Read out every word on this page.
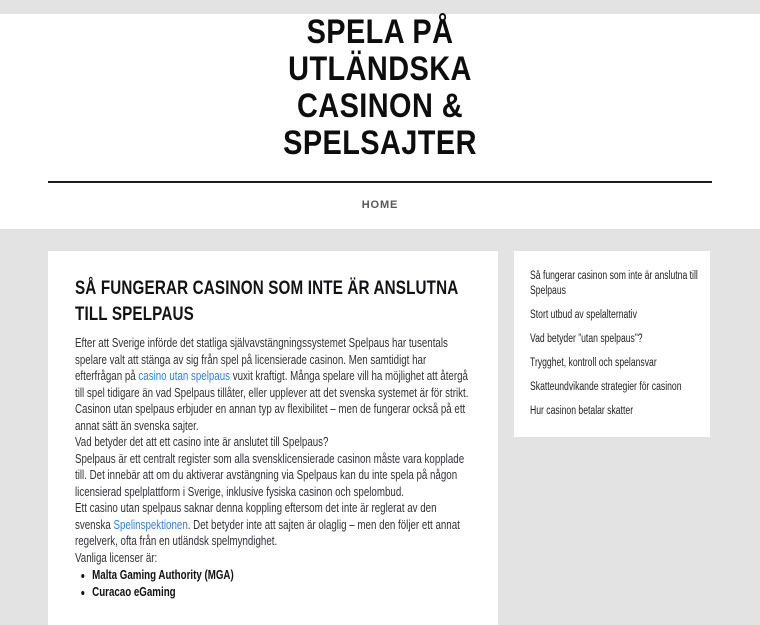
SPELA PÅ
UTLÄNDSKA
CASINON &
SPELSAJTER
HOME
SÅ FUNGERAR CASINON SOM INTE ÄR ANSLUTNA TILL SPELPAUS

Efter att Sverige införde det statliga självavstängningssystemet Spelpaus har tusentals spelare valt att stänga av sig från spel på licensierade casinon. Men samtidigt har efterfrågan på casino utan spelpaus vuxit kraftigt. Många spelare vill ha möjlighet att återgå till spel tidigare än vad Spelpaus tillåter, eller upplever att det svenska systemet är för strikt. Casinon utan spelpaus erbjuder en annan typ av flexibilitet – men de fungerar också på ett annat sätt än svenska sajter.

Vad betyder det att ett casino inte är anslutet till Spelpaus?

Spelpaus är ett centralt register som alla svensklicensierade casinon måste vara kopplade till. Det innebär att om du aktiverar avstängning via Spelpaus kan du inte spela på någon licensierad spelplattform i Sverige, inklusive fysiska casinon och spelombud.

Ett casino utan spelpaus saknar denna koppling eftersom det inte är reglerat av den svenska Spelinspektionen. Det betyder inte att sajten är olaglig – men den följer ett annat regelverk, ofta från en utländsk spelmyndighet.

Vanliga licenser är:

• Malta Gaming Authority (MGA)
• Curacao eGaming
Så fungerar casinon som inte är anslutna till Spelpaus
Stort utbud av spelalternativ
Vad betyder ”utan spelpaus”?
Trygghet, kontroll och spelansvar
Skatteundvikande strategier för casinon
Hur casinon betalar skatter
